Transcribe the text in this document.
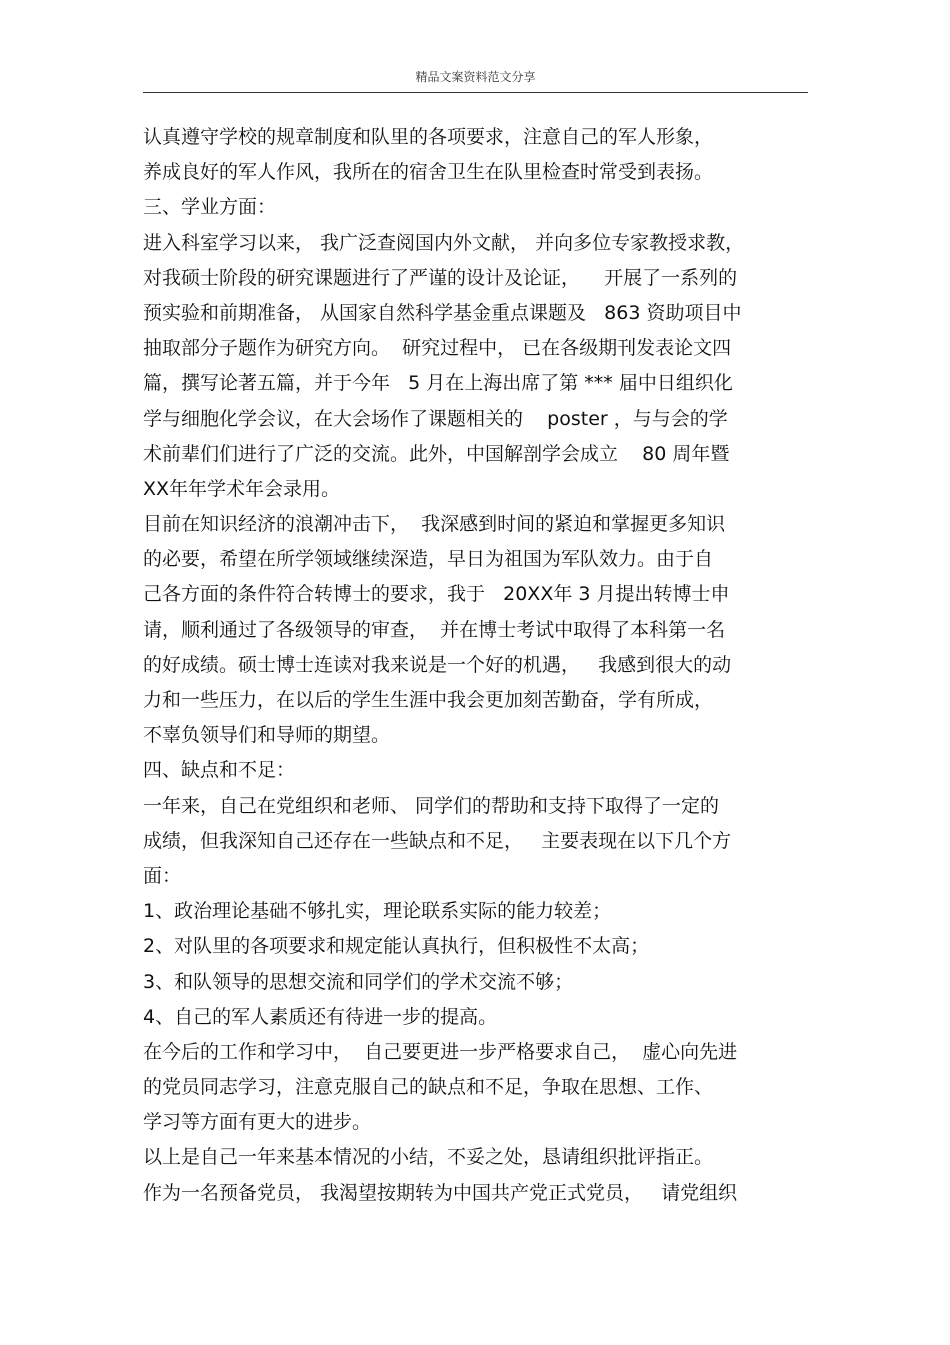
精品文案资料范文分享
认真遵守学校的规章制度和队里的各项要求，注意自己的军人形象，
养成良好的军人作风，我所在的宿舍卫生在队里检查时常受到表扬。
三、学业方面：
进入科室学习以来， 我广泛查阅国内外文献， 并向多位专家教授求教，
对我硕士阶段的研究课题进行了严谨的设计及论证，    开展了一系列的
预实验和前期准备， 从国家自然科学基金重点课题及   863 资助项目中
抽取部分子题作为研究方向。  研究过程中， 已在各级期刊发表论文四
篇，撰写论著五篇，并于今年   5 月在上海出席了第 *** 届中日组织化
学与细胞化学会议，在大会场作了课题相关的    poster ，与与会的学
术前辈们们进行了广泛的交流。此外，中国解剖学会成立    80 周年暨
XX年年学术年会录用。
目前在知识经济的浪潮冲击下，  我深感到时间的紧迫和掌握更多知识
的必要，希望在所学领域继续深造，早日为祖国为军队效力。由于自
己各方面的条件符合转博士的要求，我于   20XX年 3 月提出转博士申
请，顺利通过了各级领导的审查，  并在博士考试中取得了本科第一名
的好成绩。硕士博士连读对我来说是一个好的机遇，   我感到很大的动
力和一些压力，在以后的学生生涯中我会更加刻苦勤奋，学有所成，
不辜负领导们和导师的期望。
四、缺点和不足：
一年来，自己在党组织和老师、 同学们的帮助和支持下取得了一定的
成绩，但我深知自己还存在一些缺点和不足，   主要表现在以下几个方
面：
1、政治理论基础不够扎实，理论联系实际的能力较差；
2、对队里的各项要求和规定能认真执行，但积极性不太高；
3、和队领导的思想交流和同学们的学术交流不够；
4、自己的军人素质还有待进一步的提高。
在今后的工作和学习中，  自己要更进一步严格要求自己，  虚心向先进
的党员同志学习，注意克服自己的缺点和不足，争取在思想、工作、
学习等方面有更大的进步。
以上是自己一年来基本情况的小结，不妥之处，恳请组织批评指正。
作为一名预备党员， 我渴望按期转为中国共产党正式党员，   请党组织
